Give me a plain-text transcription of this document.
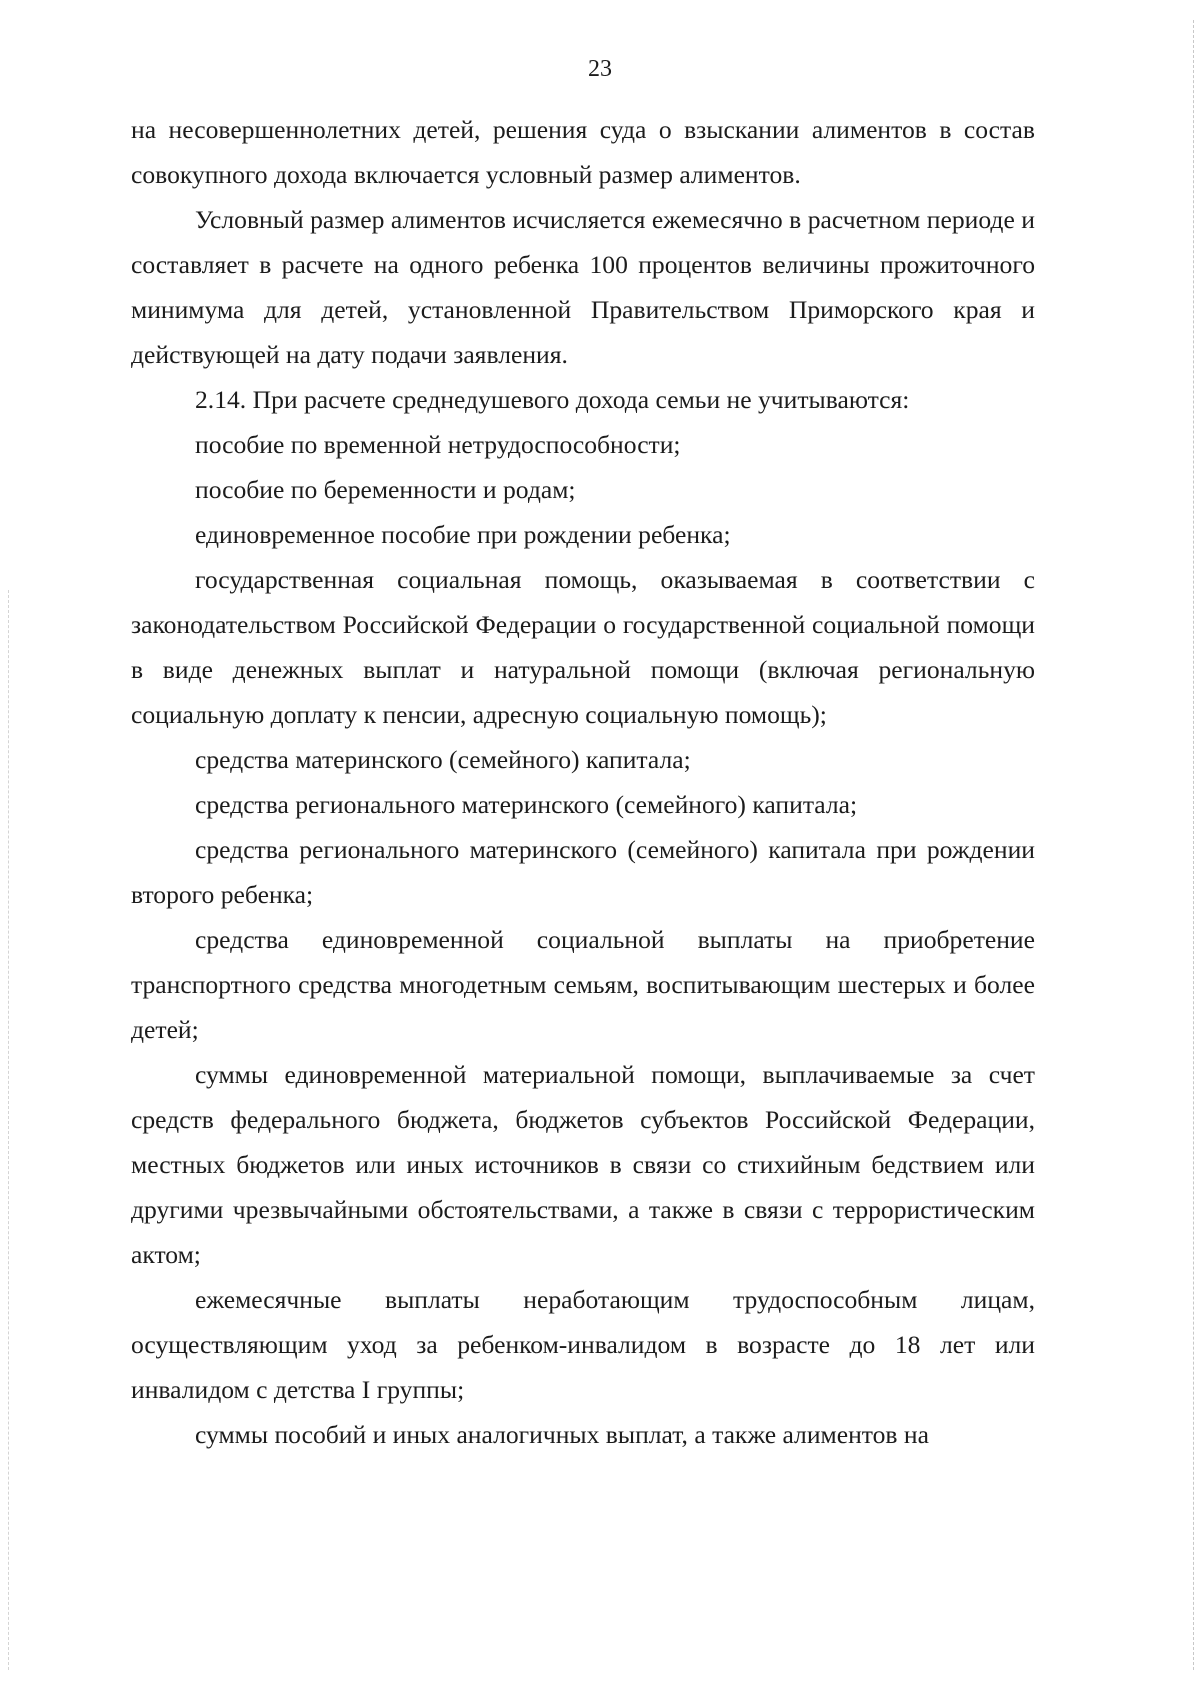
23

на несовершеннолетних детей, решения суда о взыскании алиментов в состав совокупного дохода включается условный размер алиментов.

Условный размер алиментов исчисляется ежемесячно в расчетном периоде и составляет в расчете на одного ребенка 100 процентов величины прожиточного минимума для детей, установленной Правительством Приморского края и действующей на дату подачи заявления.

2.14. При расчете среднедушевого дохода семьи не учитываются:

пособие по временной нетрудоспособности;

пособие по беременности и родам;

единовременное пособие при рождении ребенка;

государственная социальная помощь, оказываемая в соответствии с законодательством Российской Федерации о государственной социальной помощи в виде денежных выплат и натуральной помощи (включая региональную социальную доплату к пенсии, адресную социальную помощь);

средства материнского (семейного) капитала;

средства регионального материнского (семейного) капитала;

средства регионального материнского (семейного) капитала при рождении второго ребенка;

средства единовременной социальной выплаты на приобретение транспортного средства многодетным семьям, воспитывающим шестерых и более детей;

суммы единовременной материальной помощи, выплачиваемые за счет средств федерального бюджета, бюджетов субъектов Российской Федерации, местных бюджетов или иных источников в связи со стихийным бедствием или другими чрезвычайными обстоятельствами, а также в связи с террористическим актом;

ежемесячные выплаты неработающим трудоспособным лицам, осуществляющим уход за ребенком-инвалидом в возрасте до 18 лет или инвалидом с детства I группы;

суммы пособий и иных аналогичных выплат, а также алиментов на
